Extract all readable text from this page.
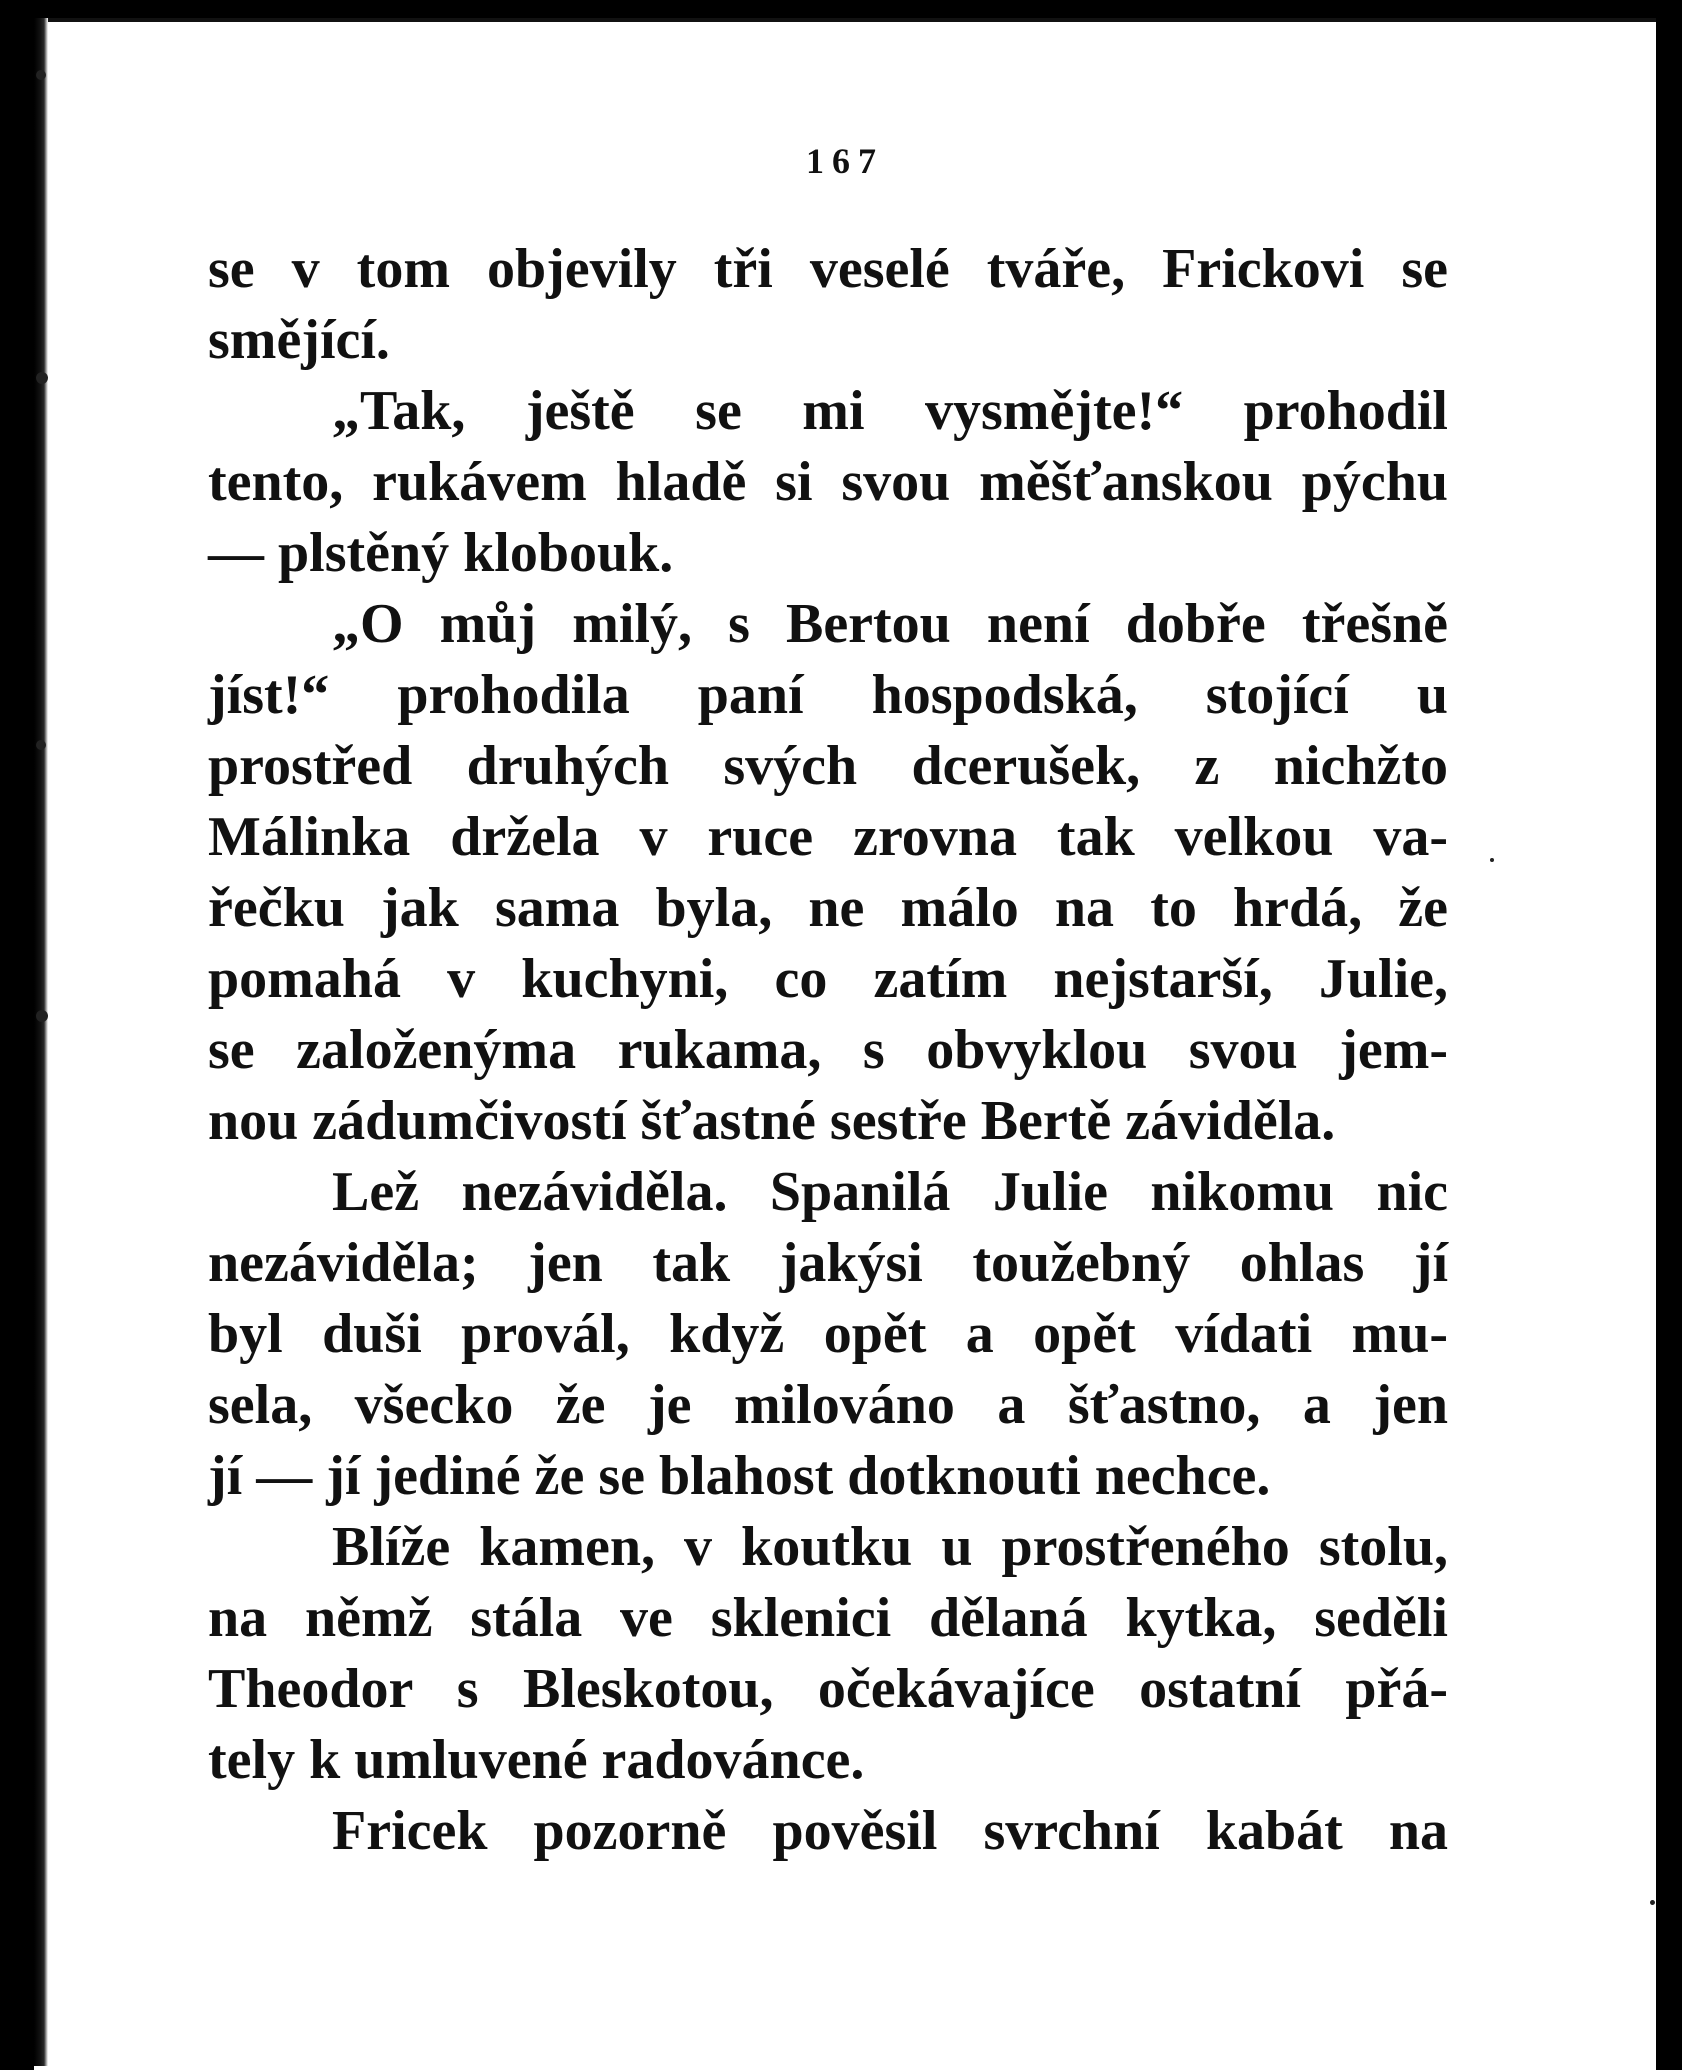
167
se v tom objevily tři veselé tváře, Frickovi se
smějící.
„Tak, ještě se mi vysmějte!“ prohodil
tento, rukávem hladě si svou měšťanskou pýchu
— plstěný klobouk.
„O můj milý, s Bertou není dobře třešně
jíst!“ prohodila paní hospodská, stojící u
prostřed druhých svých dcerušek, z nichžto
Málinka držela v ruce zrovna tak velkou va-
řečku jak sama byla, ne málo na to hrdá, že
pomahá v kuchyni, co zatím nejstarší, Julie,
se založenýma rukama, s obvyklou svou jem-
nou zádumčivostí šťastné sestře Bertě záviděla.
Lež nezáviděla. Spanilá Julie nikomu nic
nezáviděla; jen tak jakýsi toužebný ohlas jí
byl duši provál, když opět a opět vídati mu-
sela, všecko že je milováno a šťastno, a jen
jí — jí jediné že se blahost dotknouti nechce.
Blíže kamen, v koutku u prostřeného stolu,
na němž stála ve sklenici dělaná kytka, seděli
Theodor s Bleskotou, očekávajíce ostatní přá-
tely k umluvené radovánce.
Fricek pozorně pověsil svrchní kabát na
